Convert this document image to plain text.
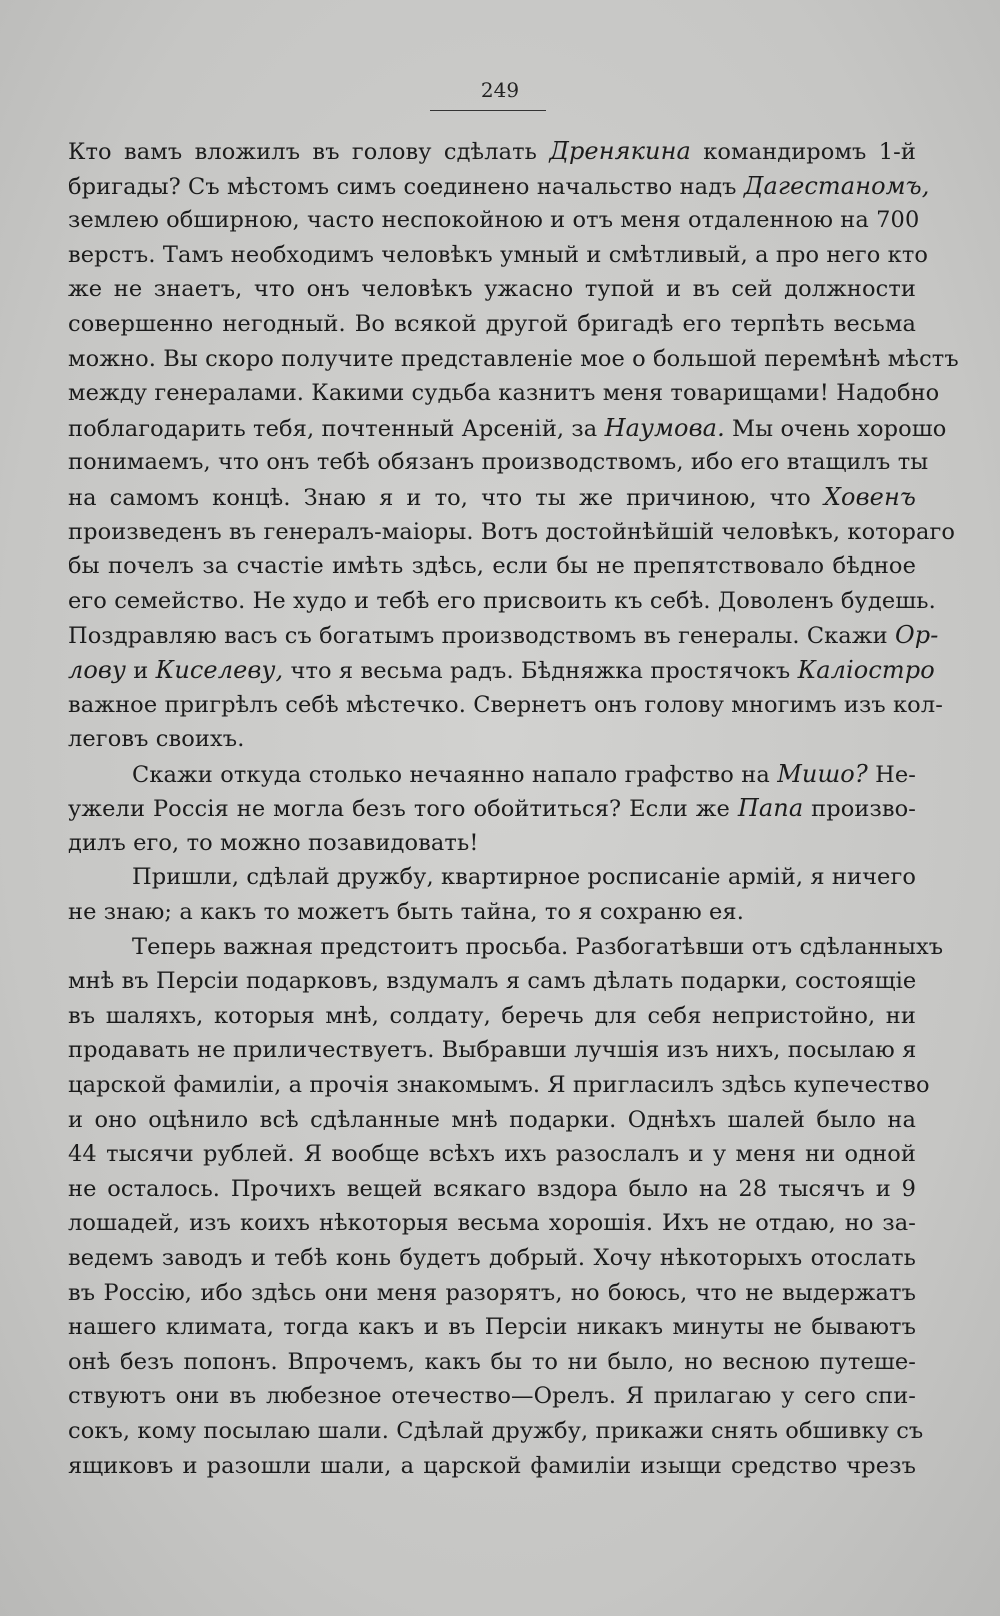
249
Кто вамъ вложилъ въ голову сдѣлать Дренякина командиромъ 1-й
бригады? Съ мѣстомъ симъ соединено начальство надъ Дагестаномъ,
землею обширною, часто неспокойною и отъ меня отдаленною на 700
верстъ. Тамъ необходимъ человѣкъ умный и смѣтливый, а про него кто
же не знаетъ, что онъ человѣкъ ужасно тупой и въ сей должности
совершенно негодный. Во всякой другой бригадѣ его терпѣть весьма
можно. Вы скоро получите представленіе мое о большой перемѣнѣ мѣстъ
между генералами. Какими судьба казнитъ меня товарищами! Надобно
поблагодарить тебя, почтенный Арсеній, за Наумова. Мы очень хорошо
понимаемъ, что онъ тебѣ обязанъ производствомъ, ибо его втащилъ ты
на самомъ концѣ. Знаю я и то, что ты же причиною, что Ховенъ
произведенъ въ генералъ-маіоры. Вотъ достойнѣйшій человѣкъ, котораго
бы почелъ за счастіе имѣть здѣсь, если бы не препятствовало бѣдное
его семейство. Не худо и тебѣ его присвоить къ себѣ. Доволенъ будешь.
Поздравляю васъ съ богатымъ производствомъ въ генералы. Скажи Ор-
лову и Киселеву, что я весьма радъ. Бѣдняжка простячокъ Каліостро
важное пригрѣлъ себѣ мѣстечко. Свернетъ онъ голову многимъ изъ кол-
леговъ своихъ.
Скажи откуда столько нечаянно напало графство на Мишо? Не-
ужели Россія не могла безъ того обойтиться? Если же Папа произво-
дилъ его, то можно позавидовать!
Пришли, сдѣлай дружбу, квартирное росписаніе армій, я ничего
не знаю; а какъ то можетъ быть тайна, то я сохраню ея.
Теперь важная предстоитъ просьба. Разбогатѣвши отъ сдѣланныхъ
мнѣ въ Персіи подарковъ, вздумалъ я самъ дѣлать подарки, состоящіе
въ шаляхъ, которыя мнѣ, солдату, беречь для себя непристойно, ни
продавать не приличествуетъ. Выбравши лучшія изъ нихъ, посылаю я
царской фамиліи, а прочія знакомымъ. Я пригласилъ здѣсь купечество
и оно оцѣнило всѣ сдѣланные мнѣ подарки. Однѣхъ шалей было на
44 тысячи рублей. Я вообще всѣхъ ихъ разослалъ и у меня ни одной
не осталось. Прочихъ вещей всякаго вздора было на 28 тысячъ и 9
лошадей, изъ коихъ нѣкоторыя весьма хорошія. Ихъ не отдаю, но за-
ведемъ заводъ и тебѣ конь будетъ добрый. Хочу нѣкоторыхъ отослать
въ Россію, ибо здѣсь они меня разорятъ, но боюсь, что не выдержатъ
нашего климата, тогда какъ и въ Персіи никакъ минуты не бываютъ
онѣ безъ попонъ. Впрочемъ, какъ бы то ни было, но весною путеше-
ствуютъ они въ любезное отечество—Орелъ. Я прилагаю у сего спи-
сокъ, кому посылаю шали. Сдѣлай дружбу, прикажи снять обшивку съ
ящиковъ и разошли шали, а царской фамиліи изыщи средство чрезъ
